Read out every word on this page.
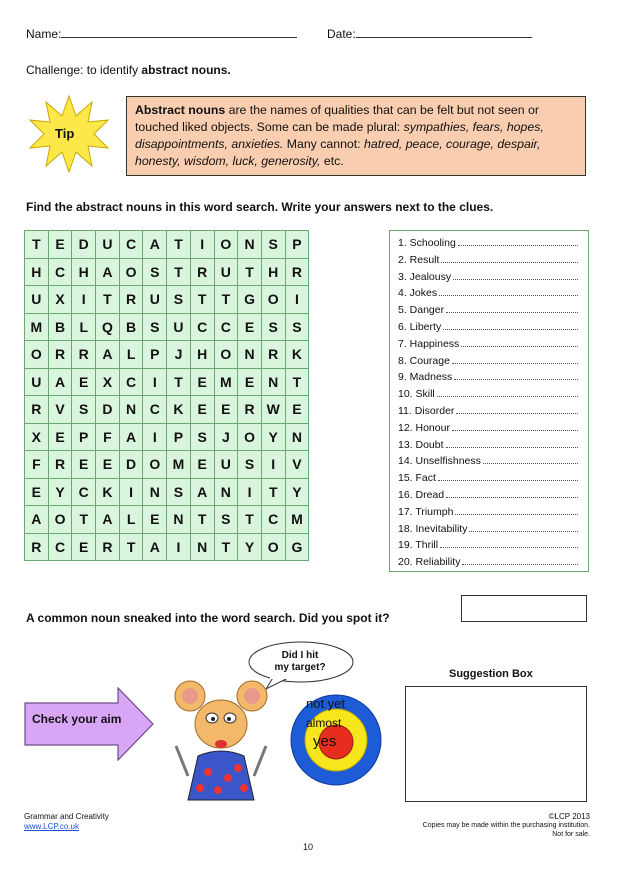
Name:	Date:
Challenge: to identify abstract nouns.
Tip
Abstract nouns are the names of qualities that can be felt but not seen or touched liked objects. Some can be made plural: sympathies, fears, hopes, disappointments, anxieties. Many cannot: hatred, peace, courage, despair, honesty, wisdom, luck, generosity, etc.
Find the abstract nouns in this word search. Write your answers next to the clues.
T	E	D	U	C	A	T	I	O	N	S	P
H	C	H	A	O	S	T	R	U	T	H	R
U	X	I	T	R	U	S	T	T	G	O	I
M	B	L	Q	B	S	U	C	C	E	S	S
O	R	R	A	L	P	J	H	O	N	R	K
U	A	E	X	C	I	T	E	M	E	N	T
R	V	S	D	N	C	K	E	E	R	W	E
X	E	P	F	A	I	P	S	J	O	Y	N
F	R	E	E	D	O	M	E	U	S	I	V
E	Y	C	K	I	N	S	A	N	I	T	Y
A	O	T	A	L	E	N	T	S	T	C	M
R	C	E	R	T	A	I	N	T	Y	O	G
1. Schooling
2. Result
3. Jealousy
4. Jokes
5. Danger
6. Liberty
7. Happiness
8. Courage
9. Madness
10. Skill
11. Disorder
12. Honour
13. Doubt
14. Unselfishness
15. Fact
16. Dread
17. Triumph
18. Inevitability
19. Thrill
20. Reliability
A common noun sneaked into the word search. Did you spot it?
Did I hit
my target?
Check your aim
not yet
almost
yes
Suggestion Box
Grammar and Creativity
www.LCP.co.uk
10
©LCP 2013
Copies may be made within the purchasing institution.
Not for sale.
